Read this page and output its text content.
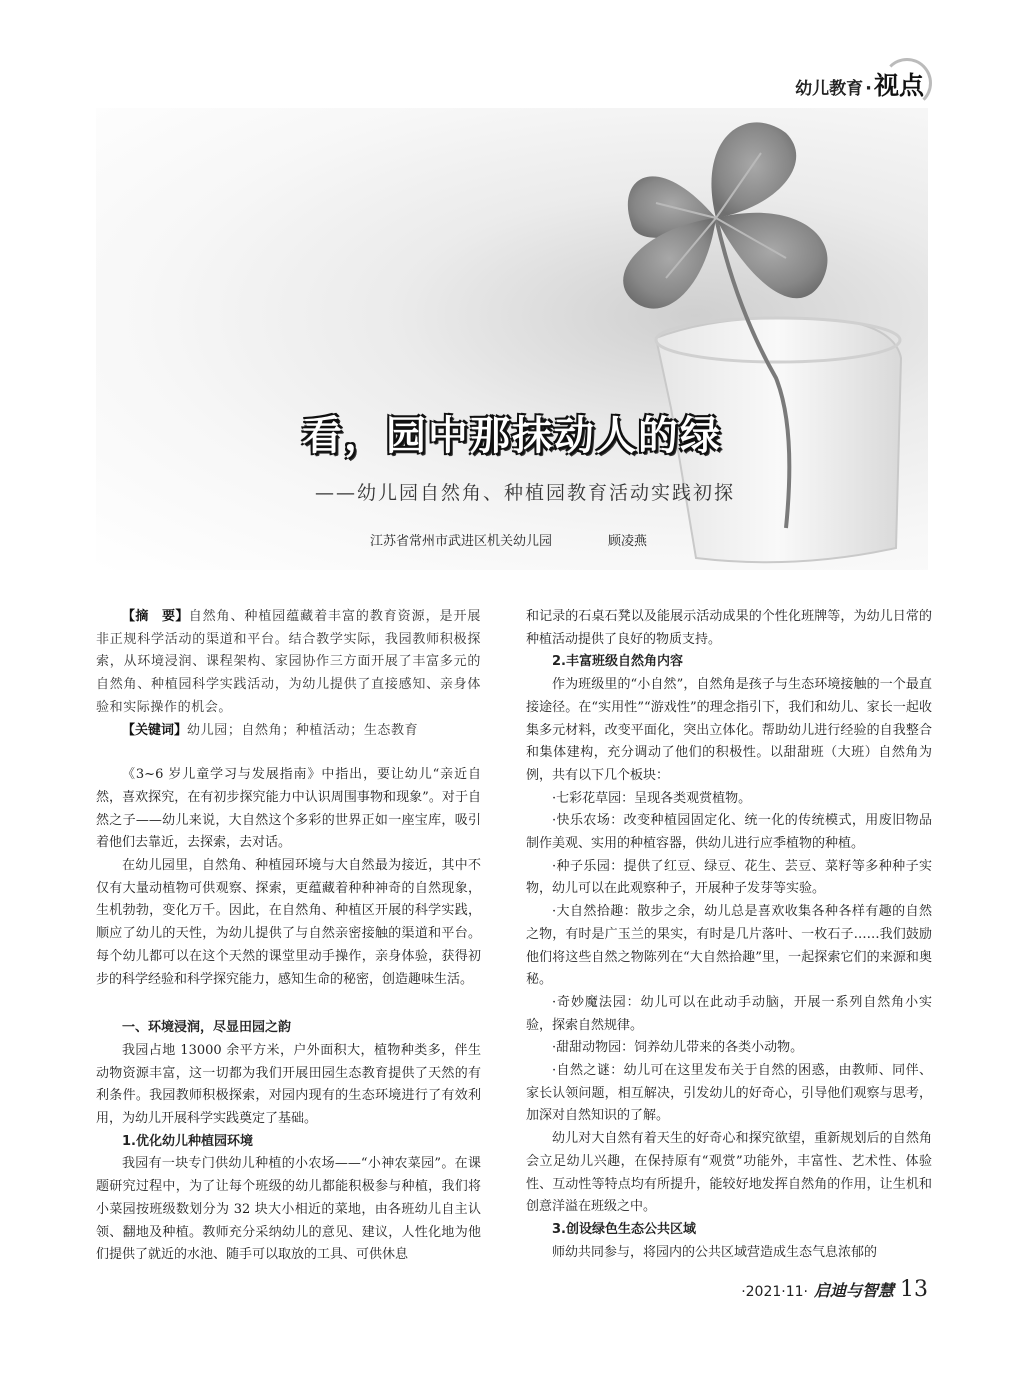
幼儿教育 · 视点
看，园中那抹动人的绿
——幼儿园自然角、种植园教育活动实践初探
江苏省常州市武进区机关幼儿园	顾凌燕

【摘　要】自然角、种植园蕴藏着丰富的教育资源，是开展非正规科学活动的渠道和平台。结合教学实际，我园教师积极探索，从环境浸润、课程架构、家园协作三方面开展了丰富多元的自然角、种植园科学实践活动，为幼儿提供了直接感知、亲身体验和实际操作的机会。

【关键词】幼儿园；自然角；种植活动；生态教育

《3~6 岁儿童学习与发展指南》中指出，要让幼儿“亲近自然，喜欢探究，在有初步探究能力中认识周围事物和现象”。对于自然之子——幼儿来说，大自然这个多彩的世界正如一座宝库，吸引着他们去靠近，去探索，去对话。

在幼儿园里，自然角、种植园环境与大自然最为接近，其中不仅有大量动植物可供观察、探索，更蕴藏着种种神奇的自然现象，生机勃勃，变化万千。因此，在自然角、种植区开展的科学实践，顺应了幼儿的天性，为幼儿提供了与自然亲密接触的渠道和平台。每个幼儿都可以在这个天然的课堂里动手操作，亲身体验，获得初步的科学经验和科学探究能力，感知生命的秘密，创造趣味生活。

一、环境浸润，尽显田园之韵

我园占地 13000 余平方米，户外面积大，植物种类多，伴生动物资源丰富，这一切都为我们开展田园生态教育提供了天然的有利条件。我园教师积极探索，对园内现有的生态环境进行了有效利用，为幼儿开展科学实践奠定了基础。

1.优化幼儿种植园环境

我园有一块专门供幼儿种植的小农场——“小神农菜园”。在课题研究过程中，为了让每个班级的幼儿都能积极参与种植，我们将小菜园按班级数划分为 32 块大小相近的菜地，由各班幼儿自主认领、翻地及种植。教师充分采纳幼儿的意见、建议，人性化地为他们提供了就近的水池、随手可以取放的工具、可供休息

和记录的石桌石凳以及能展示活动成果的个性化班牌等，为幼儿日常的种植活动提供了良好的物质支持。

2.丰富班级自然角内容

作为班级里的“小自然”，自然角是孩子与生态环境接触的一个最直接途径。在“实用性”“游戏性”的理念指引下，我们和幼儿、家长一起收集多元材料，改变平面化，突出立体化。帮助幼儿进行经验的自我整合和集体建构，充分调动了他们的积极性。以甜甜班（大班）自然角为例，共有以下几个板块：

·七彩花草园：呈现各类观赏植物。

·快乐农场：改变种植园固定化、统一化的传统模式，用废旧物品制作美观、实用的种植容器，供幼儿进行应季植物的种植。

·种子乐园：提供了红豆、绿豆、花生、芸豆、菜籽等多种种子实物，幼儿可以在此观察种子，开展种子发芽等实验。

·大自然拾趣：散步之余，幼儿总是喜欢收集各种各样有趣的自然之物，有时是广玉兰的果实，有时是几片落叶、一枚石子……我们鼓励他们将这些自然之物陈列在“大自然拾趣”里，一起探索它们的来源和奥秘。

·奇妙魔法园：幼儿可以在此动手动脑，开展一系列自然角小实验，探索自然规律。

·甜甜动物园：饲养幼儿带来的各类小动物。

·自然之谜：幼儿可在这里发布关于自然的困惑，由教师、同伴、家长认领问题，相互解决，引发幼儿的好奇心，引导他们观察与思考，加深对自然知识的了解。

幼儿对大自然有着天生的好奇心和探究欲望，重新规划后的自然角会立足幼儿兴趣，在保持原有“观赏”功能外，丰富性、艺术性、体验性、互动性等特点均有所提升，能较好地发挥自然角的作用，让生机和创意洋溢在班级之中。

3.创设绿色生态公共区域

师幼共同参与，将园内的公共区域营造成生态气息浓郁的

·2021·11· 启迪与智慧 13
